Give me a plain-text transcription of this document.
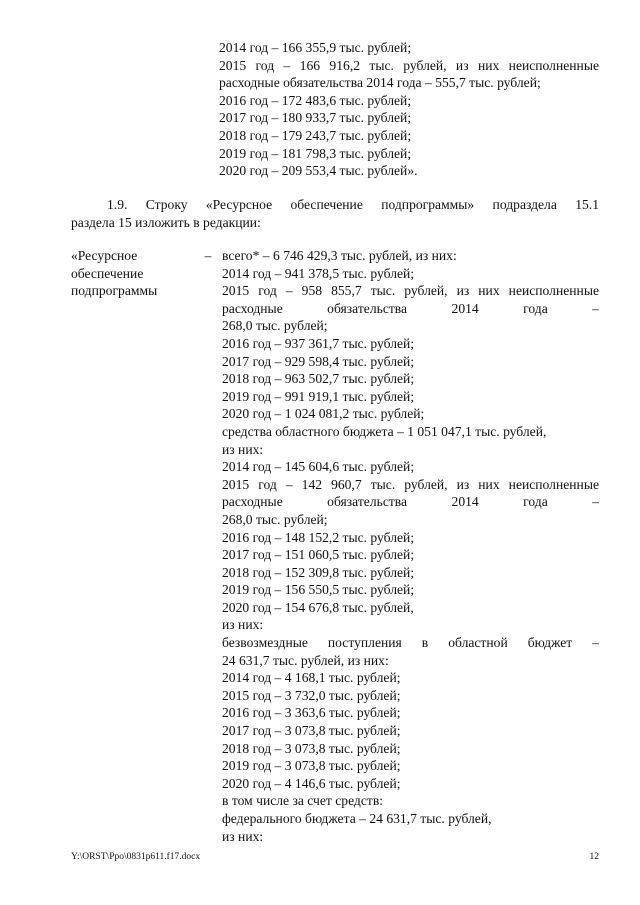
2014 год – 166 355,9 тыс. рублей;
2015 год – 166 916,2 тыс. рублей, из них неисполненные
расходные обязательства 2014 года – 555,7 тыс. рублей;
2016 год – 172 483,6 тыс. рублей;
2017 год – 180 933,7 тыс. рублей;
2018 год – 179 243,7 тыс. рублей;
2019 год – 181 798,3 тыс. рублей;
2020 год – 209 553,4 тыс. рублей».
1.9. Строку «Ресурсное обеспечение подпрограммы» подраздела 15.1
раздела 15 изложить в редакции:
«Ресурсное
обеспечение
подпрограммы
– всего* – 6 746 429,3 тыс. рублей, из них:
2014 год – 941 378,5 тыс. рублей;
2015 год – 958 855,7 тыс. рублей, из них неисполненные
расходные обязательства 2014 года –
268,0 тыс. рублей;
2016 год – 937 361,7 тыс. рублей;
2017 год – 929 598,4 тыс. рублей;
2018 год – 963 502,7 тыс. рублей;
2019 год – 991 919,1 тыс. рублей;
2020 год – 1 024 081,2 тыс. рублей;
средства областного бюджета – 1 051 047,1 тыс. рублей,
из них:
2014 год – 145 604,6 тыс. рублей;
2015 год – 142 960,7 тыс. рублей, из них неисполненные
расходные обязательства 2014 года –
268,0 тыс. рублей;
2016 год – 148 152,2 тыс. рублей;
2017 год – 151 060,5 тыс. рублей;
2018 год – 152 309,8 тыс. рублей;
2019 год – 156 550,5 тыс. рублей;
2020 год – 154 676,8 тыс. рублей,
из них:
безвозмездные поступления в областной бюджет –
24 631,7 тыс. рублей, из них:
2014 год – 4 168,1 тыс. рублей;
2015 год – 3 732,0 тыс. рублей;
2016 год – 3 363,6 тыс. рублей;
2017 год – 3 073,8 тыс. рублей;
2018 год – 3 073,8 тыс. рублей;
2019 год – 3 073,8 тыс. рублей;
2020 год – 4 146,6 тыс. рублей;
в том числе за счет средств:
федерального бюджета – 24 631,7 тыс. рублей,
из них:
Y:\ORST\Ppo\0831p611.f17.docx	12
